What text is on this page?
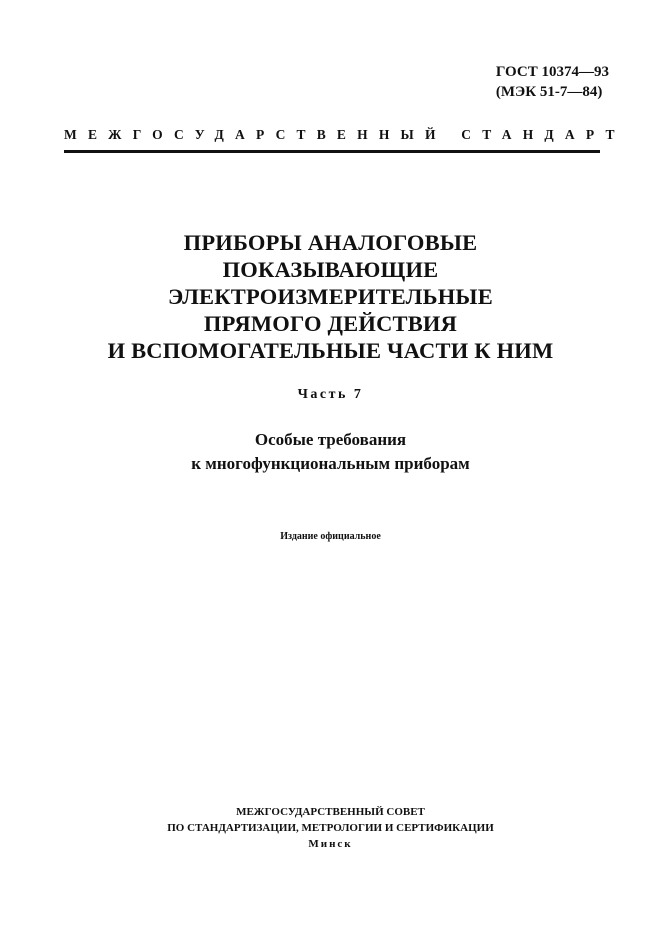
ГОСТ 10374—93
(МЭК 51-7—84)
МЕЖГОСУДАРСТВЕННЫЙ СТАНДАРТ
ПРИБОРЫ АНАЛОГОВЫЕ
ПОКАЗЫВАЮЩИЕ
ЭЛЕКТРОИЗМЕРИТЕЛЬНЫЕ
ПРЯМОГО ДЕЙСТВИЯ
И ВСПОМОГАТЕЛЬНЫЕ ЧАСТИ К НИМ
Часть 7
Особые требования
к многофункциональным приборам
Издание официальное
МЕЖГОСУДАРСТВЕННЫЙ СОВЕТ
ПО СТАНДАРТИЗАЦИИ, МЕТРОЛОГИИ И СЕРТИФИКАЦИИ
Минск
